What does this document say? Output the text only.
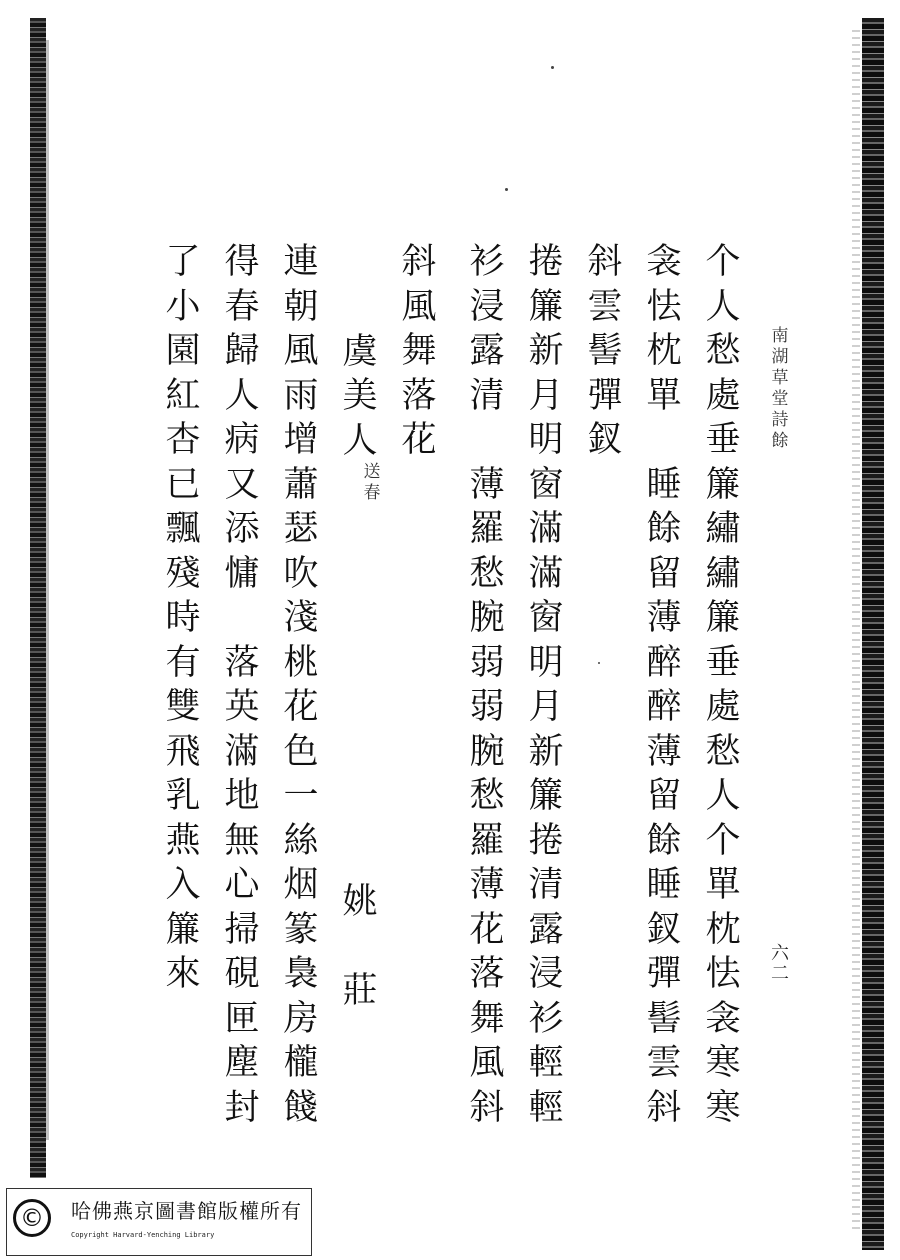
南湖草堂詩餘
六二
个
人
愁
處
垂
簾
繡
繡
簾
垂
處
愁
人
个
單
枕
怯
衾
寒
寒
衾
怯
枕
單
睡
餘
留
薄
醉
醉
薄
留
餘
睡
釵
彈
髻
雲
斜
斜
雲
髻
彈
釵
捲
簾
新
月
明
窗
滿
滿
窗
明
月
新
簾
捲
清
露
浸
衫
輕
輕
衫
浸
露
清
薄
羅
愁
腕
弱
弱
腕
愁
羅
薄
花
落
舞
風
斜
斜
風
舞
落
花
虞
美
人
連
朝
風
雨
增
蕭
瑟
吹
淺
桃
花
色
一
絲
烟
篆
裊
房
櫳
餞
得
春
歸
人
病
又
添
慵
落
英
滿
地
無
心
掃
硯
匣
塵
封
了
小
園
紅
杏
已
飄
殘
時
有
雙
飛
乳
燕
入
簾
來
送春
姚
莊
©	哈佛燕京圖書館版權所有
Copyright Harvard-Yenching Library
